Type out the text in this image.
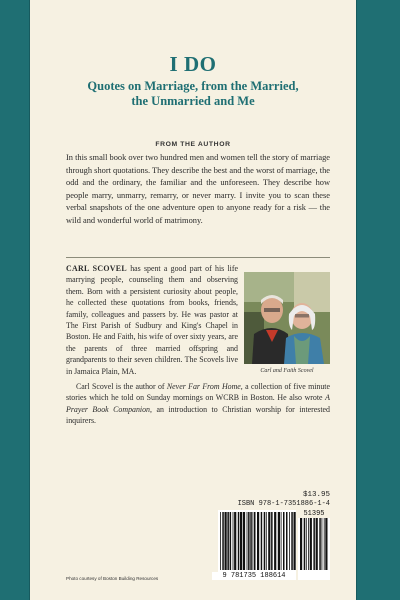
I DO
Quotes on Marriage, from the Married,
the Unmarried and Me
FROM THE AUTHOR

In this small book over two hundred men and women tell the story of marriage through short quotations. They describe the best and the worst of marriage, the odd and the ordinary, the familiar and the unforeseen. They describe how people marry, unmarry, remarry, or never marry. I invite you to scan these verbal snapshots of the one adventure open to anyone ready for a risk — the wild and wonderful world of matrimony.

CARL SCOVEL has spent a good part of his life marrying people, counseling them and observing them. Born with a persistent curiosity about people, he collected these quotations from books, friends, family, colleagues and passers by. He was pastor at The First Parish of Sudbury and King's Chapel in Boston. He and Faith, his wife of over sixty years, are the parents of three married offspring and grandparents to their seven children. The Scovels live in Jamaica Plain, MA.	Carl and Faith Scovel

Carl Scovel is the author of Never Far From Home, a collection of five minute stories which he told on Sunday mornings on WCRB in Boston. He also wrote A Prayer Book Companion, an introduction to Christian worship for interested inquirers.

$13.95
ISBN 978-1-7351886-1-4
9 781735 188614
51395
Photo courtesy of Boston Building Resources
